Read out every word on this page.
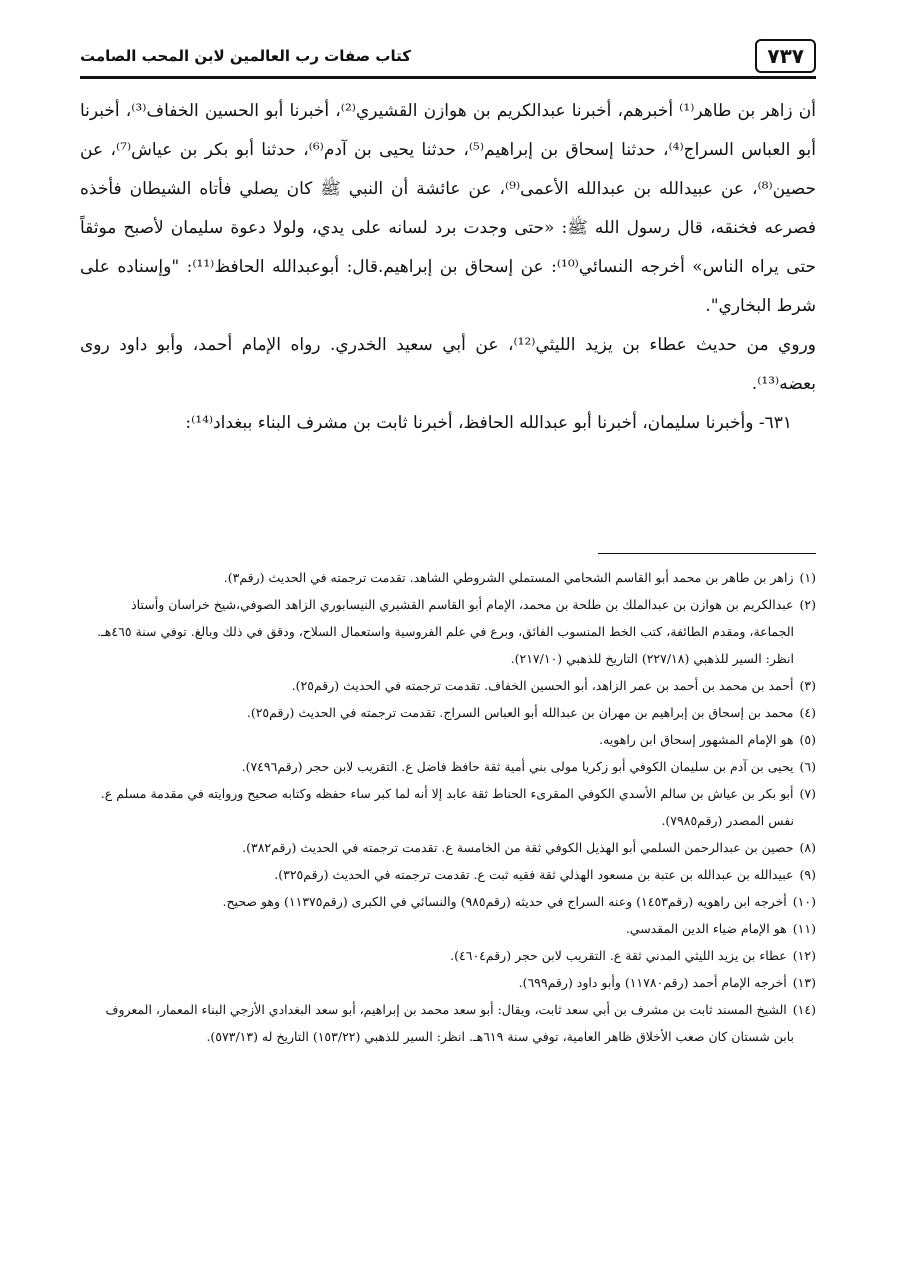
٧٣٧
كتاب صفات رب العالمين لابن المحب الصامت

أن زاهر بن طاهر⁽¹⁾ أخبرهم، أخبرنا عبدالكريم بن هوازن القشيري⁽²⁾، أخبرنا أبو الحسين الخفاف⁽³⁾، أخبرنا أبو العباس السراج⁽⁴⁾، حدثنا إسحاق بن إبراهيم⁽⁵⁾، حدثنا يحيى بن آدم⁽⁶⁾، حدثنا أبو بكر بن عياش⁽⁷⁾، عن حصين⁽⁸⁾، عن عبيدالله بن عبدالله الأعمى⁽⁹⁾، عن عائشة أن النبي ﷺ كان يصلي فأتاه الشيطان فأخذه فصرعه فخنقه، قال رسول الله ﷺ: «حتى وجدت برد لسانه على يدي، ولولا دعوة سليمان لأصبح موثقاً حتى يراه الناس» أخرجه النسائي⁽¹⁰⁾: عن إسحاق بن إبراهيم.قال: أبوعبدالله الحافظ⁽¹¹⁾: "وإسناده على شرط البخاري".

وروي من حديث عطاء بن يزيد الليثي⁽¹²⁾، عن أبي سعيد الخدري. رواه الإمام أحمد، وأبو داود روى بعضه⁽¹³⁾.

٦٣١- وأخبرنا سليمان، أخبرنا أبو عبدالله الحافظ، أخبرنا ثابت بن مشرف البناء ببغداد⁽¹⁴⁾:

(١)زاهر بن طاهر بن محمد أبو القاسم الشحامي المستملي الشروطي الشاهد. تقدمت ترجمته في الحديث (رقم٣).

(٢)عبدالكريم بن هوازن بن عبدالملك بن طلحة بن محمد، الإمام أبو القاسم القشيري النيسابوري الزاهد الصوفي،شيخ خراسان وأستاذ
الجماعة، ومقدم الطائفة، كتب الخط المنسوب الفائق، وبرع في علم الفروسية واستعمال السلاح، ودقق في ذلك وبالغ. توفي سنة ٤٦٥هـ.
انظر: السير للذهبي (٢٢٧/١٨) التاريخ للذهبي (٢١٧/١٠).

(٣)أحمد بن محمد بن أحمد بن عمر الزاهد، أبو الحسين الخفاف. تقدمت ترجمته في الحديث (رقم٢٥).

(٤)محمد بن إسحاق بن إبراهيم بن مهران بن عبدالله أبو العباس السراج. تقدمت ترجمته في الحديث (رقم٢٥).

(٥)هو الإمام المشهور إسحاق ابن راهويه.

(٦)يحيى بن آدم بن سليمان الكوفي أبو زكريا مولى بني أمية ثقة حافظ فاضل ع. التقريب لابن حجر (رقم٧٤٩٦).

(٧)أبو بكر بن عياش بن سالم الأسدي الكوفي المقرىء الحناط ثقة عابد إلا أنه لما كبر ساء حفظه وكتابه صحيح وروايته في مقدمة مسلم ع.
نفس المصدر (رقم٧٩٨٥).

(٨)حصين بن عبدالرحمن السلمي أبو الهذيل الكوفي ثقة من الخامسة ع. تقدمت ترجمته في الحديث (رقم٣٨٢).

(٩)عبيدالله بن عبدالله بن عتبة بن مسعود الهذلي ثقة فقيه ثبت ع. تقدمت ترجمته في الحديث (رقم٣٢٥).

(١٠)أخرجه ابن راهويه (رقم١٤٥٣) وعنه السراج في حديثه (رقم٩٨٥) والنسائي في الكبرى (رقم١١٣٧٥) وهو صحيح.

(١١)هو الإمام ضياء الدين المقدسي.

(١٢)عطاء بن يزيد الليثي المدني ثقة ع. التقريب لابن حجر (رقم٤٦٠٤).

(١٣)أخرجه الإمام أحمد (رقم١١٧٨٠) وأبو داود (رقم٦٩٩).

(١٤)الشيخ المسند ثابت بن مشرف بن أبي سعد ثابت، ويقال: أبو سعد محمد بن إبراهيم، أبو سعد البغدادي الأزجي البناء المعمار، المعروف
بابن شستان كان صعب الأخلاق ظاهر العامية، توفي سنة ٦١٩هـ. انظر: السير للذهبي (١٥٣/٢٢) التاريخ له (٥٧٣/١٣).
